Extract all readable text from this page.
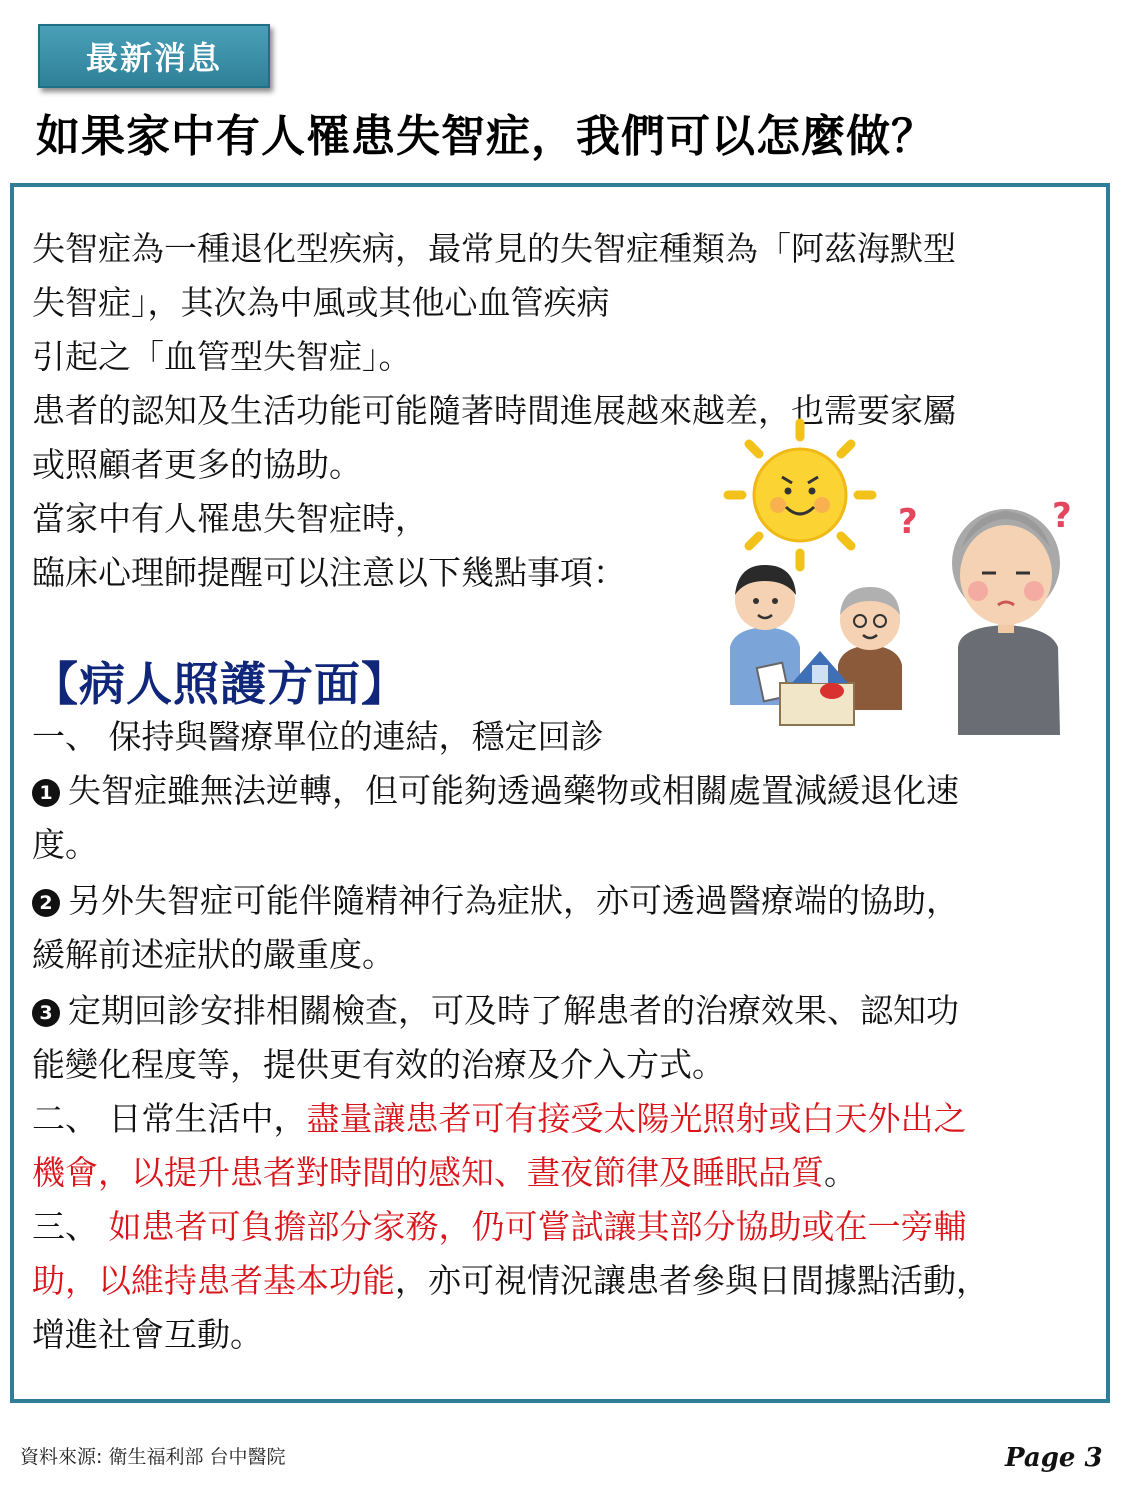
最新消息
如果家中有人罹患失智症，我們可以怎麼做？
失智症為一種退化型疾病，最常見的失智症種類為「阿茲海默型
失智症」，其次為中風或其他心血管疾病
引起之「血管型失智症」。
患者的認知及生活功能可能隨著時間進展越來越差，也需要家屬
或照顧者更多的協助。
當家中有人罹患失智症時，
臨床心理師提醒可以注意以下幾點事項：
?	?
【病人照護方面】
一、 保持與醫療單位的連結，穩定回診
1 失智症雖無法逆轉，但可能夠透過藥物或相關處置減緩退化速
度。
2 另外失智症可能伴隨精神行為症狀，亦可透過醫療端的協助，
緩解前述症狀的嚴重度。
3 定期回診安排相關檢查，可及時了解患者的治療效果、認知功
能變化程度等，提供更有效的治療及介入方式。
二、 日常生活中，盡量讓患者可有接受太陽光照射或白天外出之
機會，以提升患者對時間的感知、晝夜節律及睡眠品質。
三、 如患者可負擔部分家務，仍可嘗試讓其部分協助或在一旁輔
助，以維持患者基本功能，亦可視情況讓患者參與日間據點活動，
增進社會互動。
資料來源: 衛生福利部 台中醫院	Page 3
